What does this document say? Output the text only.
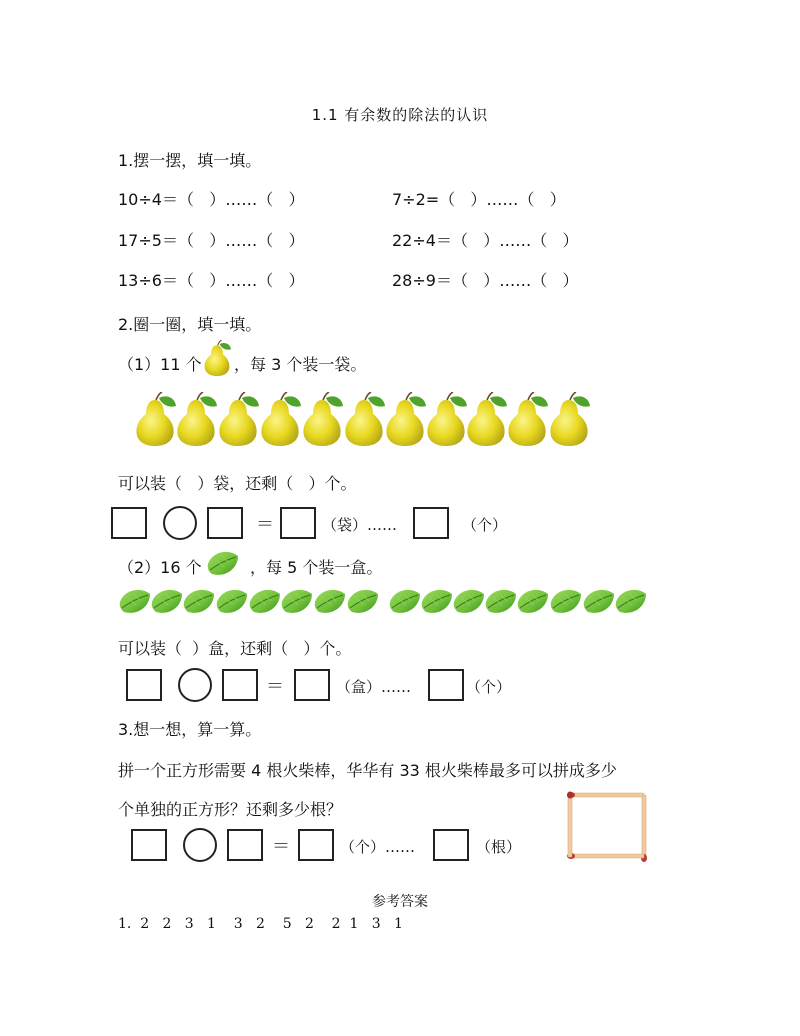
1.1 有余数的除法的认识
1.摆一摆，填一填。
10÷4＝（   ）……（   ）	7÷2=（   ）……（   ）
17÷5＝（   ）……（   ）	22÷4＝（   ）……（   ）
13÷6＝（   ）……（   ）	28÷9＝（   ）……（   ）
2.圈一圈，填一填。
（1）11 个 ，每 3 个装一袋。
可以装（   ）袋，还剩（   ）个。
＝	（袋）……	（个）
（2）16 个	，每 5 个装一盒。
可以装（  ）盒，还剩（   ）个。
＝	（盒）……	（个）
3.想一想，算一算。
拼一个正方形需要 4 根火柴棒，华华有 33 根火柴棒最多可以拼成多少
个单独的正方形？还剩多少根？
＝	（个）……	（根）
参考答案
1.  2   2   3   1    3   2    5   2    2  1   3   1
